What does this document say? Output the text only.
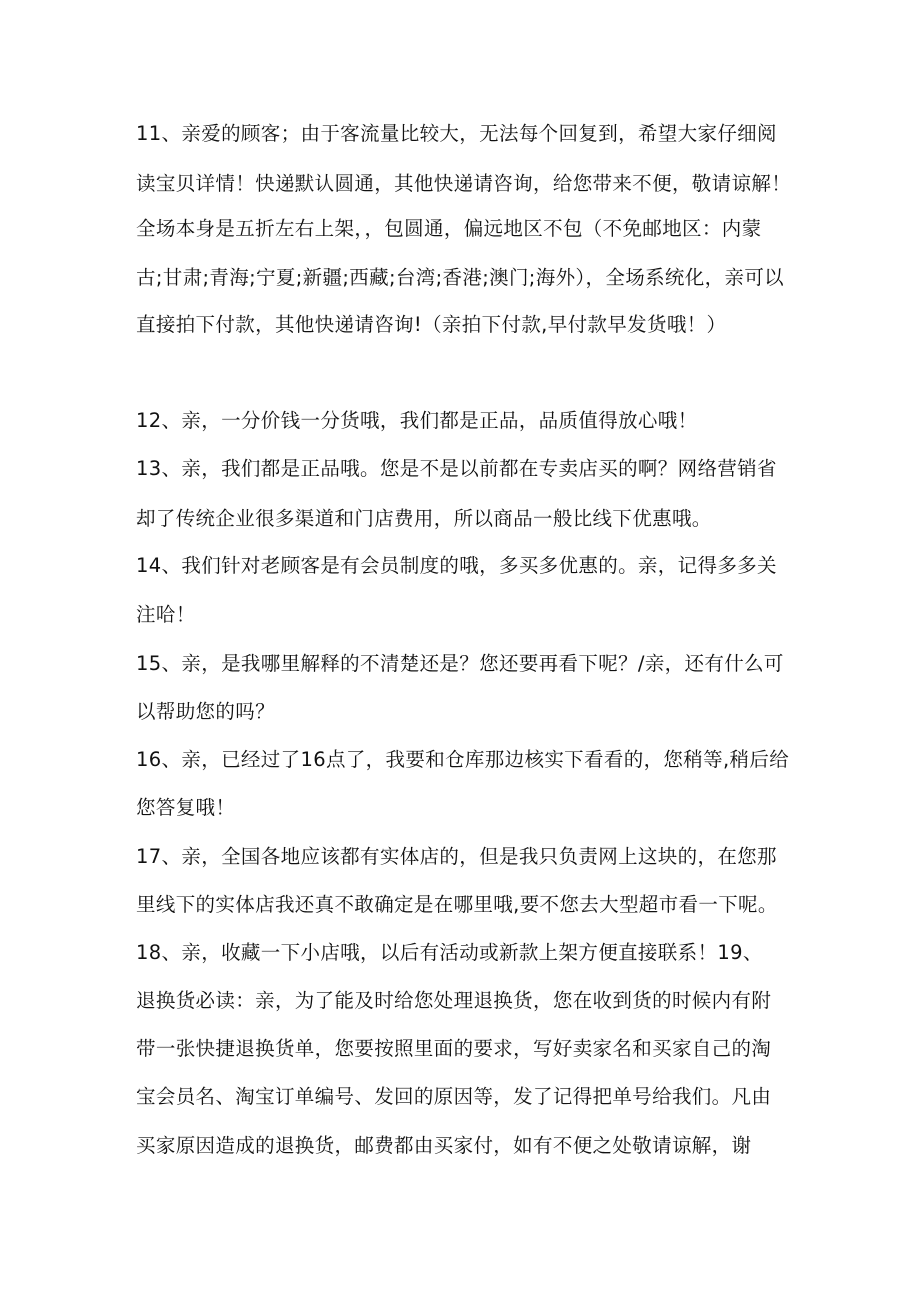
11、亲爱的顾客；由于客流量比较大，无法每个回复到，希望大家仔细阅
读宝贝详情！快递默认圆通，其他快递请咨询，给您带来不便，敬请谅解！
全场本身是五折左右上架，，包圆通，偏远地区不包（不免邮地区：内蒙
古;甘肃;青海;宁夏;新疆;西藏;台湾;香港;澳门;海外），全场系统化，亲可以
直接拍下付款，其他快递请咨询!（亲拍下付款,早付款早发货哦！）
12、亲，一分价钱一分货哦，我们都是正品，品质值得放心哦！
13、亲，我们都是正品哦。您是不是以前都在专卖店买的啊？网络营销省
却了传统企业很多渠道和门店费用，所以商品一般比线下优惠哦。
14、我们针对老顾客是有会员制度的哦，多买多优惠的。亲，记得多多关
注哈！
15、亲，是我哪里解释的不清楚还是？您还要再看下呢？/亲，还有什么可
以帮助您的吗？
16、亲，已经过了16点了，我要和仓库那边核实下看看的，您稍等,稍后给
您答复哦！
17、亲，全国各地应该都有实体店的，但是我只负责网上这块的，在您那
里线下的实体店我还真不敢确定是在哪里哦,要不您去大型超市看一下呢。
18、亲，收藏一下小店哦，以后有活动或新款上架方便直接联系！19、
退换货必读：亲，为了能及时给您处理退换货，您在收到货的时候内有附
带一张快捷退换货单，您要按照里面的要求，写好卖家名和买家自己的淘
宝会员名、淘宝订单编号、发回的原因等，发了记得把单号给我们。凡由
买家原因造成的退换货，邮费都由买家付，如有不便之处敬请谅解，谢
